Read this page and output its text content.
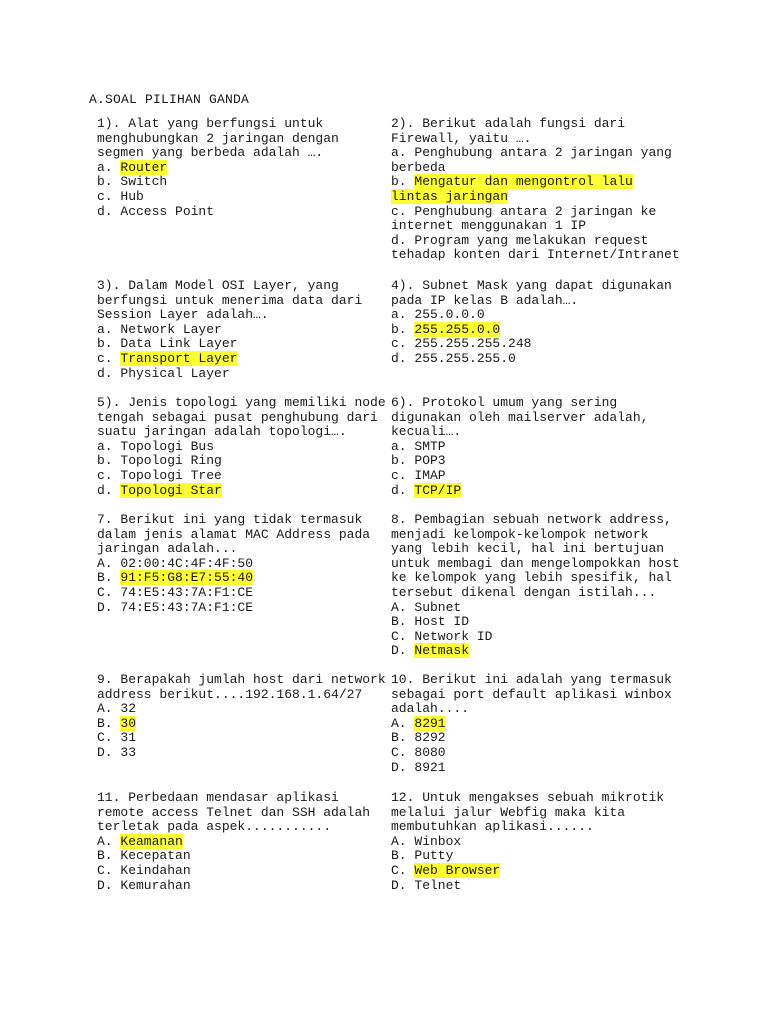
A.SOAL PILIHAN GANDA
1). Alat yang berfungsi untuk
menghubungkan 2 jaringan dengan
segmen yang berbeda adalah ….
a. Router
b. Switch
c. Hub
d. Access Point
2). Berikut adalah fungsi dari
Firewall, yaitu ….
a. Penghubung antara 2 jaringan yang
berbeda
b. Mengatur dan mengontrol lalu
lintas jaringan
c. Penghubung antara 2 jaringan ke
internet menggunakan 1 IP
d. Program yang melakukan request
tehadap konten dari Internet/Intranet
3). Dalam Model OSI Layer, yang
berfungsi untuk menerima data dari
Session Layer adalah….
a. Network Layer
b. Data Link Layer
c. Transport Layer
d. Physical Layer
4). Subnet Mask yang dapat digunakan
pada IP kelas B adalah….
a. 255.0.0.0
b. 255.255.0.0
c. 255.255.255.248
d. 255.255.255.0
5). Jenis topologi yang memiliki node
tengah sebagai pusat penghubung dari
suatu jaringan adalah topologi….
a. Topologi Bus
b. Topologi Ring
c. Topologi Tree
d. Topologi Star
6). Protokol umum yang sering
digunakan oleh mailserver adalah,
kecuali….
a. SMTP
b. POP3
c. IMAP
d. TCP/IP
7. Berikut ini yang tidak termasuk
dalam jenis alamat MAC Address pada
jaringan adalah...
A. 02:00:4C:4F:4F:50
B. 91:F5:G8:E7:55:40
C. 74:E5:43:7A:F1:CE
D. 74:E5:43:7A:F1:CE
8. Pembagian sebuah network address,
menjadi kelompok-kelompok network
yang lebih kecil, hal ini bertujuan
untuk membagi dan mengelompokkan host
ke kelompok yang lebih spesifik, hal
tersebut dikenal dengan istilah...
A. Subnet
B. Host ID
C. Network ID
D. Netmask
9. Berapakah jumlah host dari network
address berikut....192.168.1.64/27
A. 32
B. 30
C. 31
D. 33
10. Berikut ini adalah yang termasuk
sebagai port default aplikasi winbox
adalah....
A. 8291
B. 8292
C. 8080
D. 8921
11. Perbedaan mendasar aplikasi
remote access Telnet dan SSH adalah
terletak pada aspek...........
A. Keamanan
B. Kecepatan
C. Keindahan
D. Kemurahan
12. Untuk mengakses sebuah mikrotik
melalui jalur Webfig maka kita
membutuhkan aplikasi......
A. Winbox
B. Putty
C. Web Browser
D. Telnet
